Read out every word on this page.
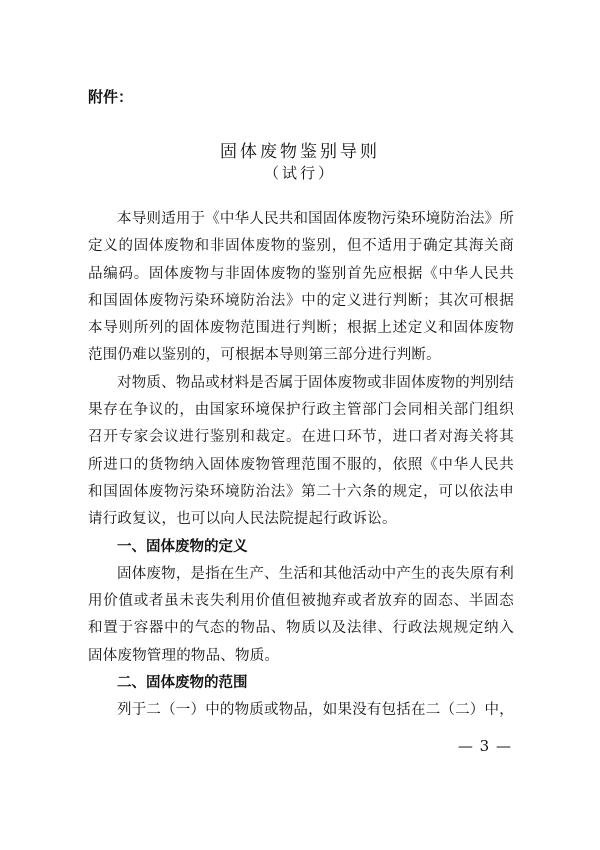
附件：
固体废物鉴别导则
（试行）

本导则适用于《中华人民共和国固体废物污染环境防治法》所定义的固体废物和非固体废物的鉴别，但不适用于确定其海关商品编码。固体废物与非固体废物的鉴别首先应根据《中华人民共和国固体废物污染环境防治法》中的定义进行判断；其次可根据本导则所列的固体废物范围进行判断；根据上述定义和固体废物范围仍难以鉴别的，可根据本导则第三部分进行判断。

对物质、物品或材料是否属于固体废物或非固体废物的判别结果存在争议的，由国家环境保护行政主管部门会同相关部门组织召开专家会议进行鉴别和裁定。在进口环节，进口者对海关将其所进口的货物纳入固体废物管理范围不服的，依照《中华人民共和国固体废物污染环境防治法》第二十六条的规定，可以依法申请行政复议，也可以向人民法院提起行政诉讼。

一、固体废物的定义

固体废物，是指在生产、生活和其他活动中产生的丧失原有利用价值或者虽未丧失利用价值但被抛弃或者放弃的固态、半固态和置于容器中的气态的物品、物质以及法律、行政法规规定纳入固体废物管理的物品、物质。

二、固体废物的范围

列于二（一）中的物质或物品，如果没有包括在二（二）中，

— 3 —
